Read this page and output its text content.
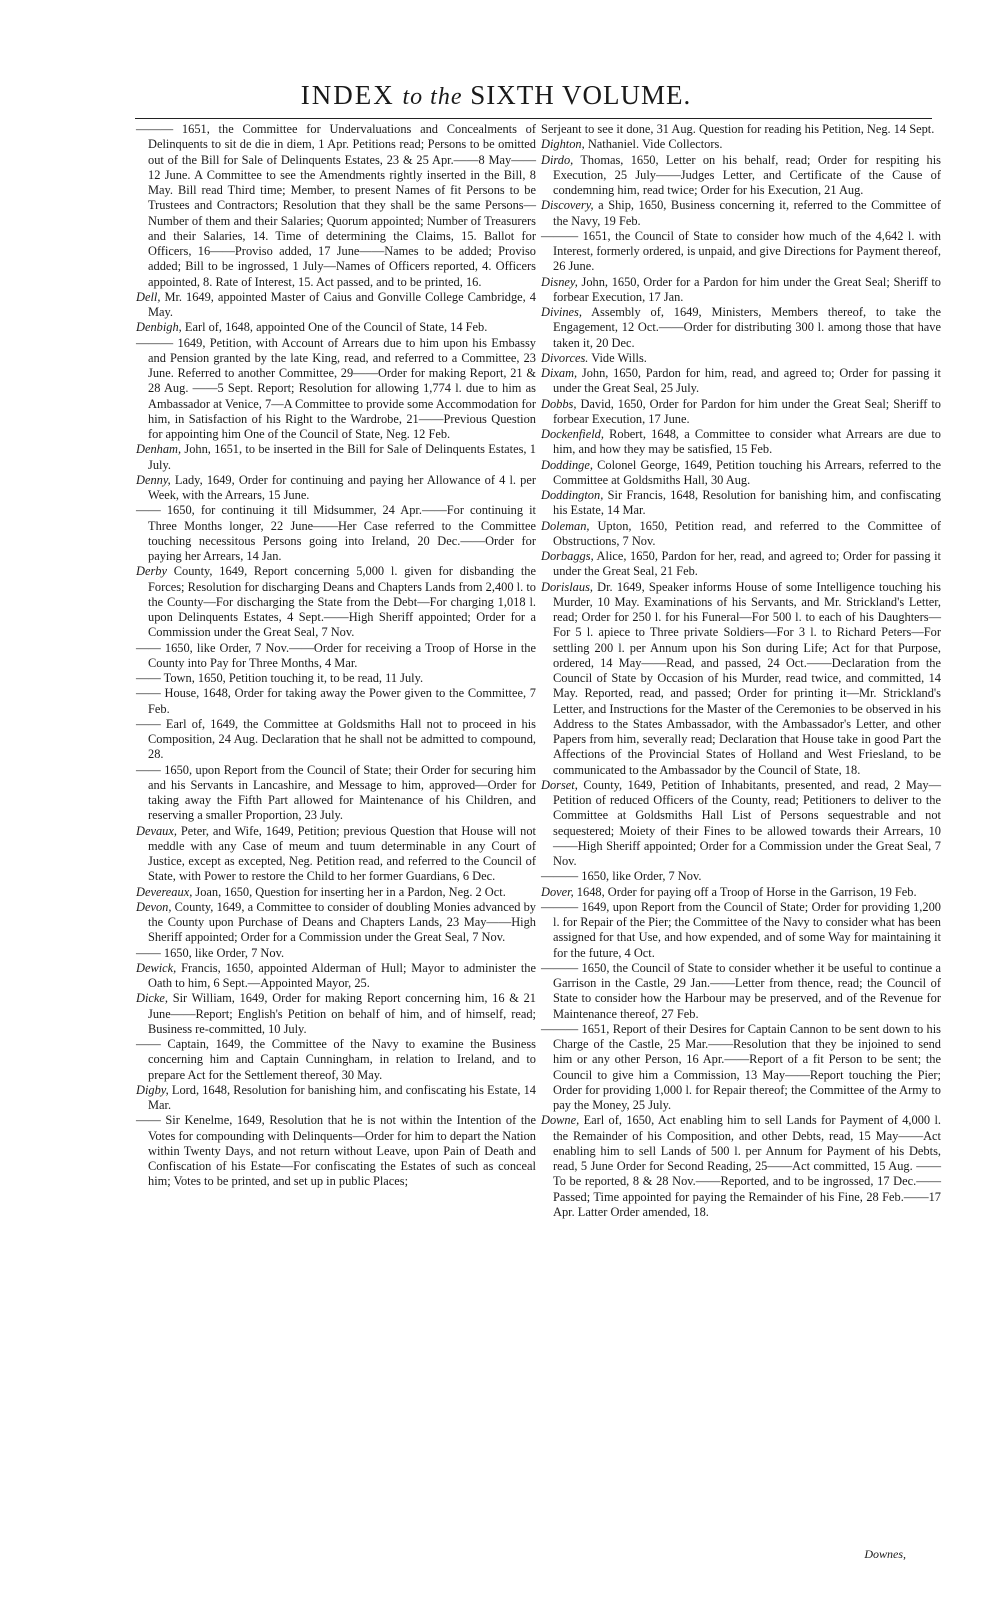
INDEX to the SIXTH VOLUME.

——— 1651, the Committee for Undervaluations and Concealments of Delinquents to sit de die in diem, 1 Apr. Petitions read; Persons to be omitted out of the Bill for Sale of Delinquents Estates, 23 & 25 Apr.——8 May——12 June. A Committee to see the Amendments rightly inserted in the Bill, 8 May. Bill read Third time; Member, to present Names of fit Persons to be Trustees and Contractors; Resolution that they shall be the same Persons—Number of them and their Salaries; Quorum appointed; Number of Treasurers and their Salaries, 14. Time of determining the Claims, 15. Ballot for Officers, 16——Proviso added, 17 June——Names to be added; Proviso added; Bill to be ingrossed, 1 July—Names of Officers reported, 4. Officers appointed, 8. Rate of Interest, 15. Act passed, and to be printed, 16.

Dell, Mr. 1649, appointed Master of Caius and Gonville College Cambridge, 4 May.

Denbigh, Earl of, 1648, appointed One of the Council of State, 14 Feb.

——— 1649, Petition, with Account of Arrears due to him upon his Embassy and Pension granted by the late King, read, and referred to a Committee, 23 June. Referred to another Committee, 29——Order for making Report, 21 & 28 Aug. ——5 Sept. Report; Resolution for allowing 1,774 l. due to him as Ambassador at Venice, 7—A Committee to provide some Accommodation for him, in Satisfaction of his Right to the Wardrobe, 21——Previous Question for appointing him One of the Council of State, Neg. 12 Feb.

Denham, John, 1651, to be inserted in the Bill for Sale of Delinquents Estates, 1 July.

Denny, Lady, 1649, Order for continuing and paying her Allowance of 4 l. per Week, with the Arrears, 15 June.

—— 1650, for continuing it till Midsummer, 24 Apr.——For continuing it Three Months longer, 22 June——Her Case referred to the Committee touching necessitous Persons going into Ireland, 20 Dec.——Order for paying her Arrears, 14 Jan.

Derby County, 1649, Report concerning 5,000 l. given for disbanding the Forces; Resolution for discharging Deans and Chapters Lands from 2,400 l. to the County—For discharging the State from the Debt—For charging 1,018 l. upon Delinquents Estates, 4 Sept.——High Sheriff appointed; Order for a Commission under the Great Seal, 7 Nov.

—— 1650, like Order, 7 Nov.——Order for receiving a Troop of Horse in the County into Pay for Three Months, 4 Mar.

—— Town, 1650, Petition touching it, to be read, 11 July.

—— House, 1648, Order for taking away the Power given to the Committee, 7 Feb.

—— Earl of, 1649, the Committee at Goldsmiths Hall not to proceed in his Composition, 24 Aug. Declaration that he shall not be admitted to compound, 28.

—— 1650, upon Report from the Council of State; their Order for securing him and his Servants in Lancashire, and Message to him, approved—Order for taking away the Fifth Part allowed for Maintenance of his Children, and reserving a smaller Proportion, 23 July.

Devaux, Peter, and Wife, 1649, Petition; previous Question that House will not meddle with any Case of meum and tuum determinable in any Court of Justice, except as excepted, Neg. Petition read, and referred to the Council of State, with Power to restore the Child to her former Guardians, 6 Dec.

Devereaux, Joan, 1650, Question for inserting her in a Pardon, Neg. 2 Oct.

Devon, County, 1649, a Committee to consider of doubling Monies advanced by the County upon Purchase of Deans and Chapters Lands, 23 May——High Sheriff appointed; Order for a Commission under the Great Seal, 7 Nov.

—— 1650, like Order, 7 Nov.

Dewick, Francis, 1650, appointed Alderman of Hull; Mayor to administer the Oath to him, 6 Sept.—Appointed Mayor, 25.

Dicke, Sir William, 1649, Order for making Report concerning him, 16 & 21 June——Report; English's Petition on behalf of him, and of himself, read; Business re-committed, 10 July.

—— Captain, 1649, the Committee of the Navy to examine the Business concerning him and Captain Cunningham, in relation to Ireland, and to prepare Act for the Settlement thereof, 30 May.

Digby, Lord, 1648, Resolution for banishing him, and confiscating his Estate, 14 Mar.

—— Sir Kenelme, 1649, Resolution that he is not within the Intention of the Votes for compounding with Delinquents—Order for him to depart the Nation within Twenty Days, and not return without Leave, upon Pain of Death and Confiscation of his Estate—For confiscating the Estates of such as conceal him; Votes to be printed, and set up in public Places;

Serjeant to see it done, 31 Aug. Question for reading his Petition, Neg. 14 Sept.

Dighton, Nathaniel. Vide Collectors.

Dirdo, Thomas, 1650, Letter on his behalf, read; Order for respiting his Execution, 25 July——Judges Letter, and Certificate of the Cause of condemning him, read twice; Order for his Execution, 21 Aug.

Discovery, a Ship, 1650, Business concerning it, referred to the Committee of the Navy, 19 Feb.

——— 1651, the Council of State to consider how much of the 4,642 l. with Interest, formerly ordered, is unpaid, and give Directions for Payment thereof, 26 June.

Disney, John, 1650, Order for a Pardon for him under the Great Seal; Sheriff to forbear Execution, 17 Jan.

Divines, Assembly of, 1649, Ministers, Members thereof, to take the Engagement, 12 Oct.——Order for distributing 300 l. among those that have taken it, 20 Dec.

Divorces. Vide Wills.

Dixam, John, 1650, Pardon for him, read, and agreed to; Order for passing it under the Great Seal, 25 July.

Dobbs, David, 1650, Order for Pardon for him under the Great Seal; Sheriff to forbear Execution, 17 June.

Dockenfield, Robert, 1648, a Committee to consider what Arrears are due to him, and how they may be satisfied, 15 Feb.

Doddinge, Colonel George, 1649, Petition touching his Arrears, referred to the Committee at Goldsmiths Hall, 30 Aug.

Doddington, Sir Francis, 1648, Resolution for banishing him, and confiscating his Estate, 14 Mar.

Doleman, Upton, 1650, Petition read, and referred to the Committee of Obstructions, 7 Nov.

Dorbaggs, Alice, 1650, Pardon for her, read, and agreed to; Order for passing it under the Great Seal, 21 Feb.

Dorislaus, Dr. 1649, Speaker informs House of some Intelligence touching his Murder, 10 May. Examinations of his Servants, and Mr. Strickland's Letter, read; Order for 250 l. for his Funeral—For 500 l. to each of his Daughters—For 5 l. apiece to Three private Soldiers—For 3 l. to Richard Peters—For settling 200 l. per Annum upon his Son during Life; Act for that Purpose, ordered, 14 May——Read, and passed, 24 Oct.——Declaration from the Council of State by Occasion of his Murder, read twice, and committed, 14 May. Reported, read, and passed; Order for printing it—Mr. Strickland's Letter, and Instructions for the Master of the Ceremonies to be observed in his Address to the States Ambassador, with the Ambassador's Letter, and other Papers from him, severally read; Declaration that House take in good Part the Affections of the Provincial States of Holland and West Friesland, to be communicated to the Ambassador by the Council of State, 18.

Dorset, County, 1649, Petition of Inhabitants, presented, and read, 2 May—Petition of reduced Officers of the County, read; Petitioners to deliver to the Committee at Goldsmiths Hall List of Persons sequestrable and not sequestered; Moiety of their Fines to be allowed towards their Arrears, 10——High Sheriff appointed; Order for a Commission under the Great Seal, 7 Nov.

——— 1650, like Order, 7 Nov.

Dover, 1648, Order for paying off a Troop of Horse in the Garrison, 19 Feb.

——— 1649, upon Report from the Council of State; Order for providing 1,200 l. for Repair of the Pier; the Committee of the Navy to consider what has been assigned for that Use, and how expended, and of some Way for maintaining it for the future, 4 Oct.

——— 1650, the Council of State to consider whether it be useful to continue a Garrison in the Castle, 29 Jan.——Letter from thence, read; the Council of State to consider how the Harbour may be preserved, and of the Revenue for Maintenance thereof, 27 Feb.

——— 1651, Report of their Desires for Captain Cannon to be sent down to his Charge of the Castle, 25 Mar.——Resolution that they be injoined to send him or any other Person, 16 Apr.——Report of a fit Person to be sent; the Council to give him a Commission, 13 May——Report touching the Pier; Order for providing 1,000 l. for Repair thereof; the Committee of the Army to pay the Money, 25 July.

Downe, Earl of, 1650, Act enabling him to sell Lands for Payment of 4,000 l. the Remainder of his Composition, and other Debts, read, 15 May——Act enabling him to sell Lands of 500 l. per Annum for Payment of his Debts, read, 5 June Order for Second Reading, 25——Act committed, 15 Aug. ——To be reported, 8 & 28 Nov.——Reported, and to be ingrossed, 17 Dec.——Passed; Time appointed for paying the Remainder of his Fine, 28 Feb.——17 Apr. Latter Order amended, 18.

Downes,
